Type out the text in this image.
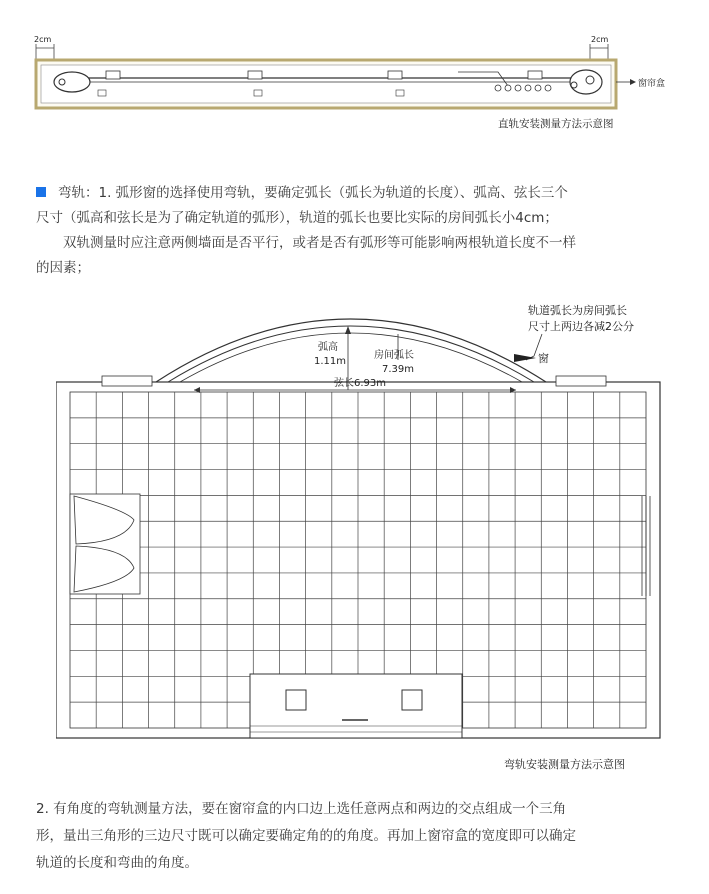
2cm	2cm
窗帘盒
直轨安装测量方法示意图

弯轨：1. 弧形窗的选择使用弯轨，要确定弧长（弧长为轨道的长度）、弧高、弦长三个

尺寸（弧高和弦长是为了确定轨道的弧形），轨道的弧长也要比实际的房间弧长小4cm；

双轨测量时应注意两侧墙面是否平行，或者是否有弧形等可能影响两根轨道长度不一样

的因素；

轨道弧长为房间弧长
尺寸上两边各减2公分
窗
弧高
1.11m
房间弧长
7.39m
弦长6.93m
弯轨安装测量方法示意图

2. 有角度的弯轨测量方法，要在窗帘盒的内口边上选任意两点和两边的交点组成一个三角

形，量出三角形的三边尺寸既可以确定要确定角的的角度。再加上窗帘盒的宽度即可以确定

轨道的长度和弯曲的角度。
